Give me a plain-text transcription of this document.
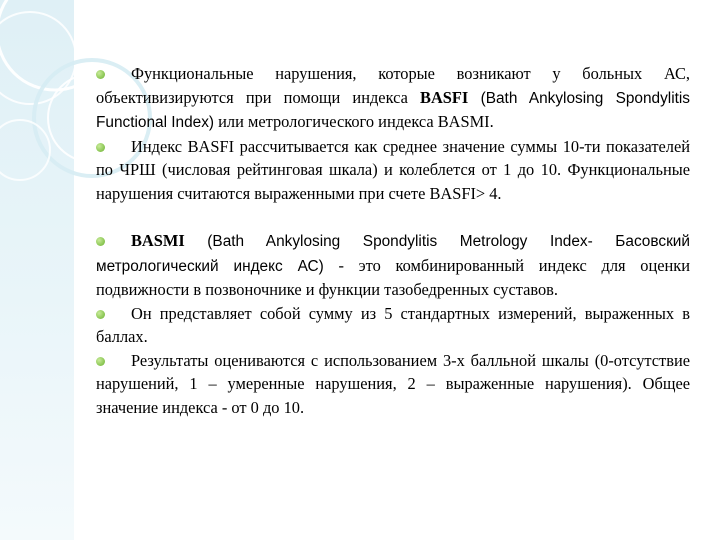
Функциональные нарушения, которые возникают у больных АС, объективизируются при помощи индекса BASFI (Bath Ankylosing Spondylitis Functional Index) или метрологического индекса BASMI.

Индекс BASFI рассчитывается как среднее значение суммы 10-ти показателей по ЧРШ (числовая рейтинговая шкала) и колеблется от 1 до 10. Функциональные нарушения считаются выраженными при счете BASFI> 4.

BASMI (Bath Ankylosing Spondylitis Metrology Index- Басовский метрологический индекс АС) - это комбинированный индекс для оценки подвижности в позвоночнике и функции тазобедренных суставов.

Он представляет собой сумму из 5 стандартных измерений, выраженных в баллах.

Результаты оцениваются с использованием 3-х балльной шкалы (0-отсутствие нарушений, 1 – умеренные нарушения, 2 – выраженные нарушения). Общее значение индекса - от 0 до 10.
